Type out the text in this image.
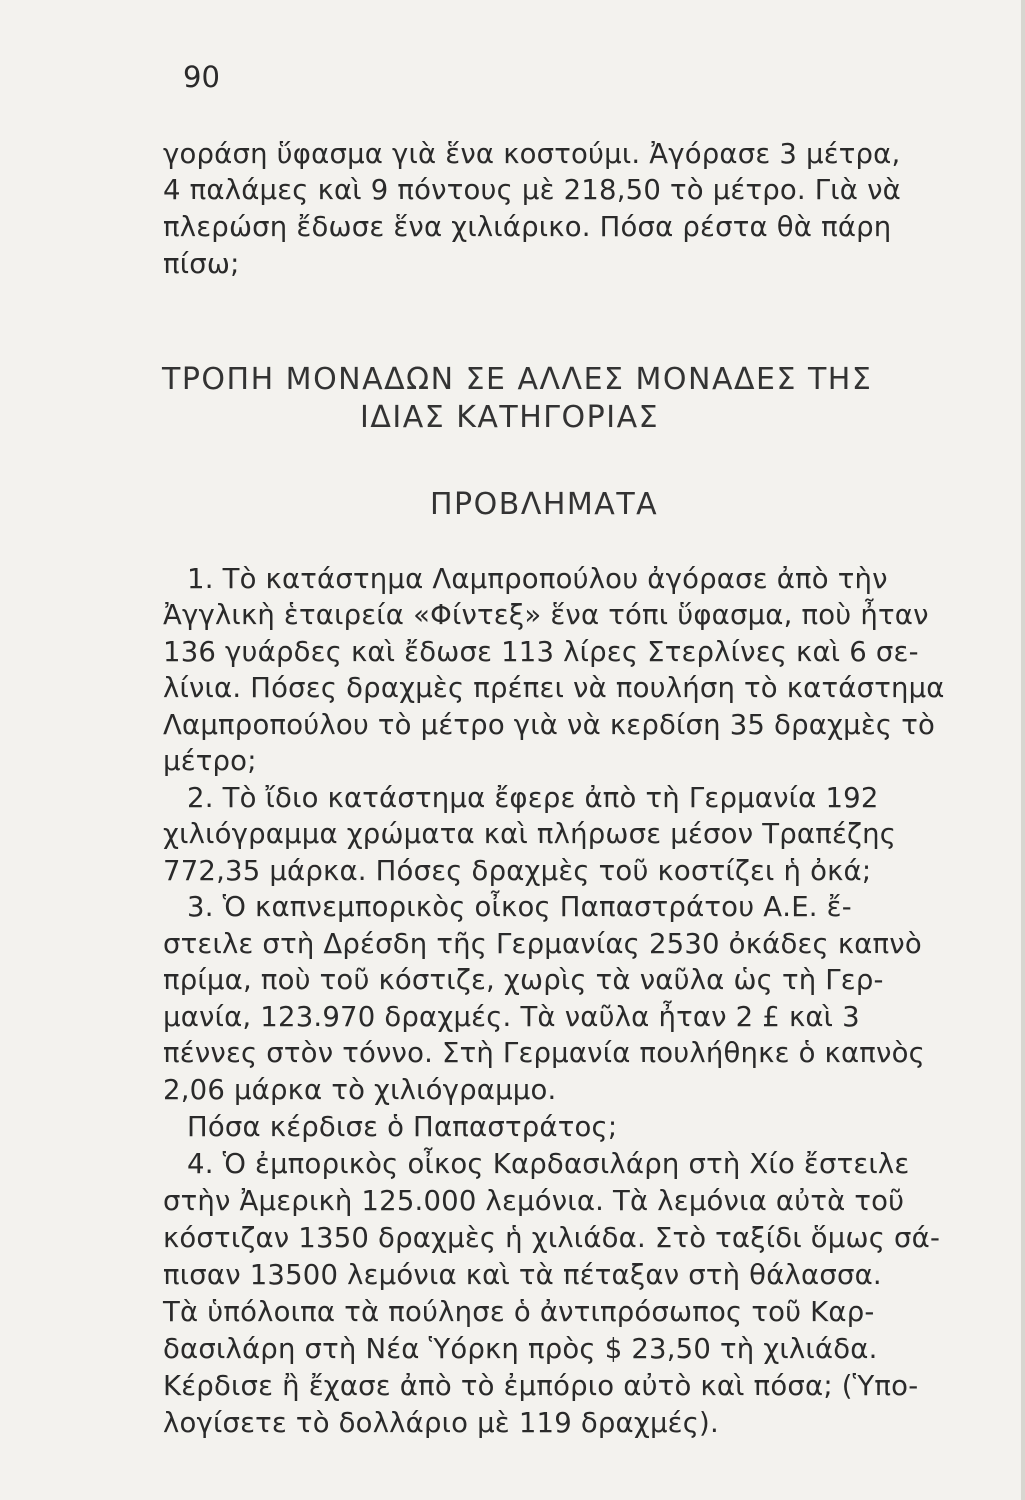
90
γοράση ὕφασμα γιὰ ἕνα κοστούμι. Ἀγόρασε 3 μέτρα,
4 παλάμες καὶ 9 πόντους μὲ 218,50 τὸ μέτρο. Γιὰ νὰ
πλερώση ἔδωσε ἕνα χιλιάρικο. Πόσα ρέστα θὰ πάρη
πίσω;
ΤΡΟΠΗ ΜΟΝΑΔΩΝ ΣΕ ΑΛΛΕΣ ΜΟΝΑΔΕΣ ΤΗΣ
ΙΔΙΑΣ ΚΑΤΗΓΟΡΙΑΣ
ΠΡΟΒΛΗΜΑΤΑ
1. Τὸ κατάστημα Λαμπροπούλου ἀγόρασε ἀπὸ τὴν
Ἀγγλικὴ ἑταιρεία «Φίντεξ» ἕνα τόπι ὕφασμα, ποὺ ἦταν
136 γυάρδες καὶ ἔδωσε 113 λίρες Στερλίνες καὶ 6 σε-
λίνια. Πόσες δραχμὲς πρέπει νὰ πουλήση τὸ κατάστημα
Λαμπροπούλου τὸ μέτρο γιὰ νὰ κερδίση 35 δραχμὲς τὸ
μέτρο;
2. Τὸ ἴδιο κατάστημα ἔφερε ἀπὸ τὴ Γερμανία 192
χιλιόγραμμα χρώματα καὶ πλήρωσε μέσον Τραπέζης
772,35 μάρκα. Πόσες δραχμὲς τοῦ κοστίζει ἡ ὀκά;
3. Ὁ καπνεμπορικὸς οἶκος Παπαστράτου Α.Ε. ἔ-
στειλε στὴ Δρέσδη τῆς Γερμανίας 2530 ὀκάδες καπνὸ
πρίμα, ποὺ τοῦ κόστιζε, χωρὶς τὰ ναῦλα ὡς τὴ Γερ-
μανία, 123.970 δραχμές. Τὰ ναῦλα ἦταν 2 £ καὶ 3
πέννες στὸν τόννο. Στὴ Γερμανία πουλήθηκε ὁ καπνὸς
2,06 μάρκα τὸ χιλιόγραμμο.
Πόσα κέρδισε ὁ Παπαστράτος;
4. Ὁ ἐμπορικὸς οἶκος Καρδασιλάρη στὴ Χίο ἔστειλε
στὴν Ἀμερικὴ 125.000 λεμόνια. Τὰ λεμόνια αὐτὰ τοῦ
κόστιζαν 1350 δραχμὲς ἡ χιλιάδα. Στὸ ταξίδι ὅμως σά-
πισαν 13500 λεμόνια καὶ τὰ πέταξαν στὴ θάλασσα.
Τὰ ὑπόλοιπα τὰ πούλησε ὁ ἀντιπρόσωπος τοῦ Καρ-
δασιλάρη στὴ Νέα Ὑόρκη πρὸς $ 23,50 τὴ χιλιάδα.
Κέρδισε ἢ ἔχασε ἀπὸ τὸ ἐμπόριο αὐτὸ καὶ πόσα; (Ὑπο-
λογίσετε τὸ δολλάριο μὲ 119 δραχμές).
